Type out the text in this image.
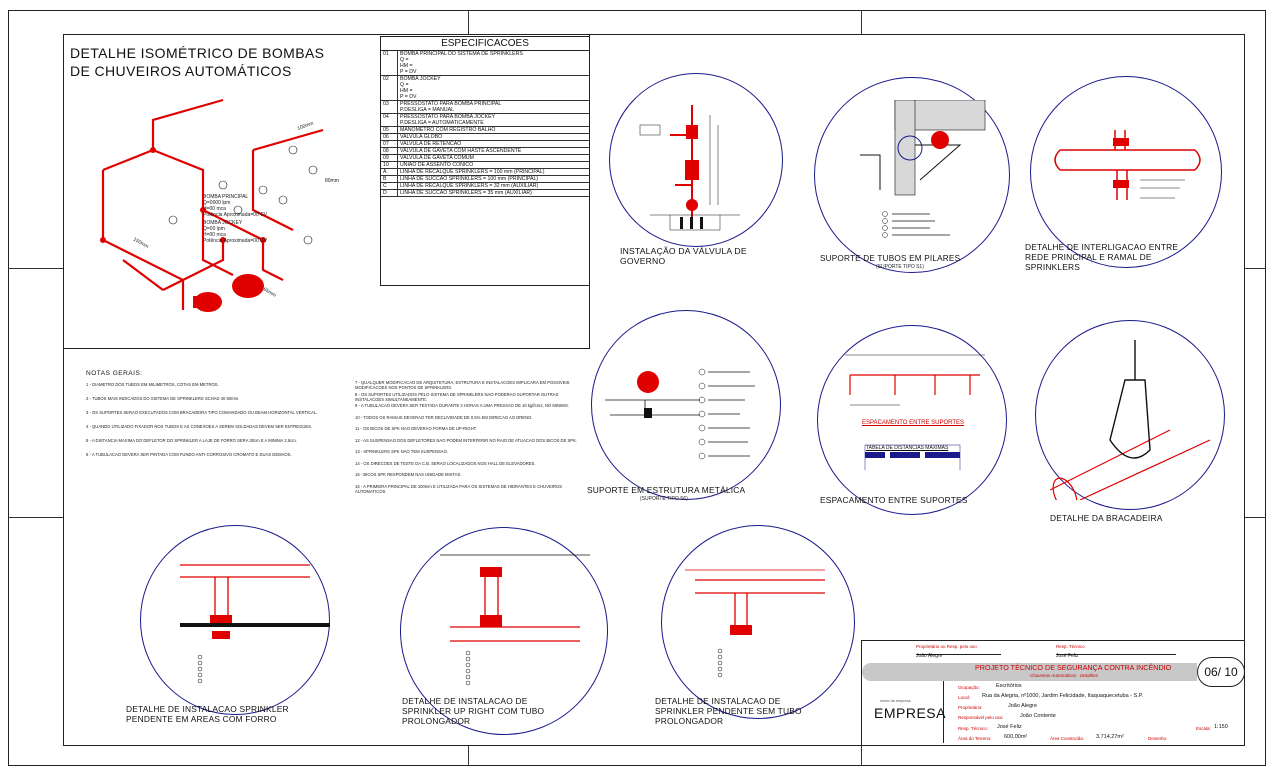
DETALHE ISOMÉTRICO DE BOMBAS
DE CHUVEIROS AUTOMÁTICOS
BOMBA PRINCIPAL
Q=0000 lpm
H=00 mca
Potência Aproximada=00 CV
BOMBA JOCKEY
Q=00 lpm
H=00 mca
Potência Aproximada=00 CV
80mm
100mm
150mm
65mm
ESPECIFICACOES
01	BOMBA PRINCIPAL DO SISTEMA DE SPRINKLERS
Q =
HM =
P = DV
02	BOMBA JOCKEY
Q =
HM =
P = DV
03	PRESSOSTATO PARA BOMBA PRINCIPAL
P.DESLIGA = MANUAL
04	PRESSOSTATO PARA BOMBA JOCKEY
P.DESLIGA = AUTOMATICAMENTE
05	MANOMETRO COM REGISTRO BALHO
06	VALVULA GLOBO
07	VALVULA DE RETENCAO
08	VALVULA DE GAVETA COM HASTE ASCENDENTE
09	VALVULA DE GAVETA COMUM
10	UNIAO DE ASSENTO CONICO
A	LINHA DE RECALQUE SPRINKLERS = 100 mm (PRINCIPAL)
B	LINHA DE SUCCAO SPRINKLERS = 100 mm (PRINCIPAL)
C	LINHA DE RECALQUE SPRINKLERS = 32 mm (AUXILIAR)
D	LINHA DE SUCCAO SPRINKLERS = 35 mm (AUXILIAR)
NOTAS GERAIS:
1 - DIAMETRO DOS TUBOS EM MILIMETROS, COTAS EM METROS.
2 - TUBOS MAIS INDICADOS DO SISTEMA DE SPRINKLERS SCHAD 40 50mm.
3 - OS SUPORTES SERAO EXECUTADOS COM BRACADEIRA TIPO COMANDADO OU BEAM HORIZONTAL VERTICAL.
4 - QUANDO UTILIZADO FIXADOR NOS TUBOS E AS CONEXOES A SEREM SOLDADAS DEVEM SER ENTREGUES.
5 - A DISTANCIA MAXIMA DO DEFLETOR DO SPRINKLER A LAJE DE FORRO SERA 30cm E A MINIMA 2.5cm.
6 - A TUBULACAO DEVERA SER PINTADA COM FUNDO ANTI-CORROSIVO CROMATO E DUAS DEMAOS.
7 - QUALQUER MODIFICACAO DE ARQUITETURA, ESTRUTURA E INSTALACOES IMPLICARA EM POSSIVEIS MODIFICACOES NOS PONTOS DE SPRINKLERS.
8 - OS SUPORTES UTILIZADOS PELO SISTEMA DE SPRINKLERS NAO PODERAO SUPORTAR OUTRAS INSTALACOES SIMULTANEAMENTE.
9 - A TUBULACAO DEVERA SER TESTADA DURANTE 2 HORAS A UMA PRESSAO DE 10 kgf/cm2, NO MINIMO.
10 - TODOS OS RAMAIS DEVERAO TER DECLIVIDADE DE 0,5% EM DIRECAO AO DRENO.
11 - OS BICOS DE SPK NAO DEVERAO FORMA DE UP-RIGHT.
12 - AS SUSPENSAO DOS DEFLETORES NAO PODEM INTERFERIR NO RAIO DE ATUACAO DOS BICOS DE SPK.
13 - SPRINKLERS SPK NAO TEM SUSPENSAO.
14 - OS DIRECOES DE TESTE DA C.B. SERAO LOCALIZADOS NOS HALL DE ELEVADORES.
15 - BICOS SPK RESPONDEM NAS UNIDADE MISTAS.
16 - A PRIMEIRA PRINCIPAL DE 100mm E UTILIZADA PARA OS SISTEMAS DE HIDRANTES E CHUVEIROS AUTOMATICOS.
INSTALAÇÃO DA VÁLVULA DE
GOVERNO	SUPORTE DE TUBOS EM PILARES
(SUPORTE TIPO S1)
DETALHE DE INTERLIGACAO ENTRE
REDE PRINCIPAL E RAMAL DE
SPRINKLERS
SUPORTE EM ESTRUTURA METÁLICA
(SUPORTE TIPO S6)
ESPACAMENTO ENTRE SUPORTES
TABELA DE DISTANCIAS MAXIMAS
ESPACAMENTO ENTRE SUPORTES
DETALHE DA BRACADEIRA
DETALHE DE INSTALACAO SPRINKLER
PENDENTE EM AREAS COM FORRO
DETALHE DE INSTALACAO DE
SPRINKLER UP RIGHT COM TUBO
PROLONGADOR
DETALHE DE INSTALACAO DE
SPRINKLER PENDENTE SEM TUBO
PROLONGADOR
Proprietário ou Resp. pelo uso
João Alegre
Resp. Técnico
José Feliz
PROJETO TÉCNICO DE SEGURANÇA CONTRA INCÊNDIO
Chuveiros Automáticos - Detalhes	06/ 10
nome da empresa
EMPRESA
Ocupação:	Escritórios
Local: Rua da Alegria, nº1000, Jardim Felicidade, Itaquaquecetuba - S.P.
Proprietário:	João Alegre
Responsável pelo uso:	João Contente
Resp. Técnico: José Feliz
Área do Terreno: 600,00m²	Área Construída: 3.714,27m²	Desenho:
Escala: 1:150
